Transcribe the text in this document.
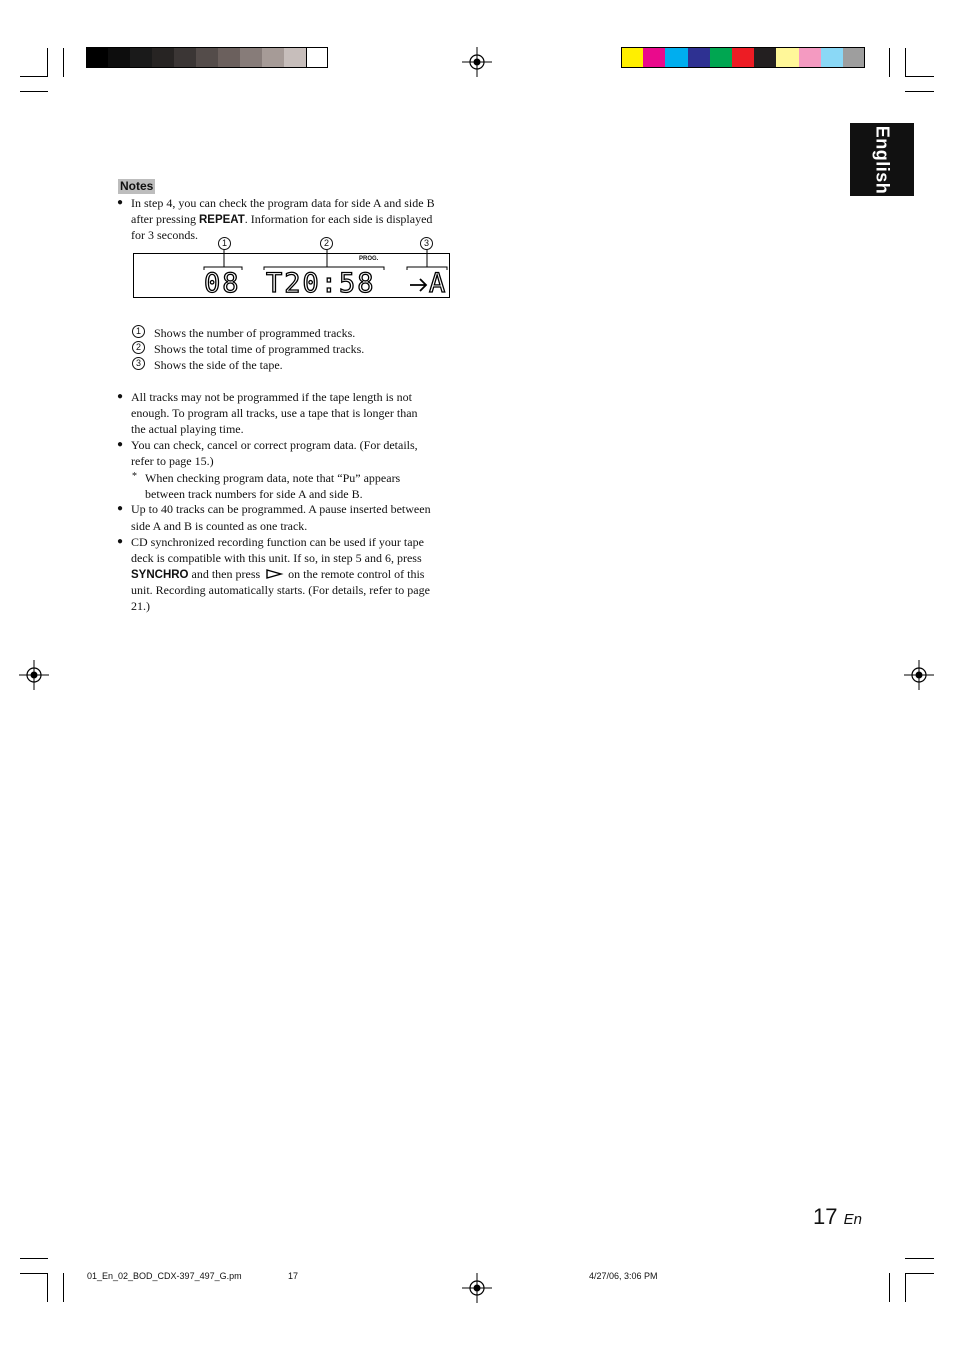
English
Notes
● In step 4, you can check the program data for side A and side B
after pressing REPEAT. Information for each side is displayed
for 3 seconds.
1	2	3
PROG.
08 T20:58 A
1	Shows the number of programmed tracks.
2	Shows the total time of programmed tracks.
3	Shows the side of the tape.
● All tracks may not be programmed if the tape length is not
enough. To program all tracks, use a tape that is longer than
the actual playing time.
● You can check, cancel or correct program data. (For details,
refer to page 15.)
* When checking program data, note that “Pu” appears
between track numbers for side A and side B.
● Up to 40 tracks can be programmed. A pause inserted between
side A and B is counted as one track.
● CD synchronized recording function can be used if your tape
deck is compatible with this unit. If so, in step 5 and 6, press
SYNCHRO and then press  on the remote control of this
unit. Recording automatically starts. (For details, refer to page
21.)
17 En
01_En_02_BOD_CDX-397_497_G.pm	17	4/27/06, 3:06 PM
